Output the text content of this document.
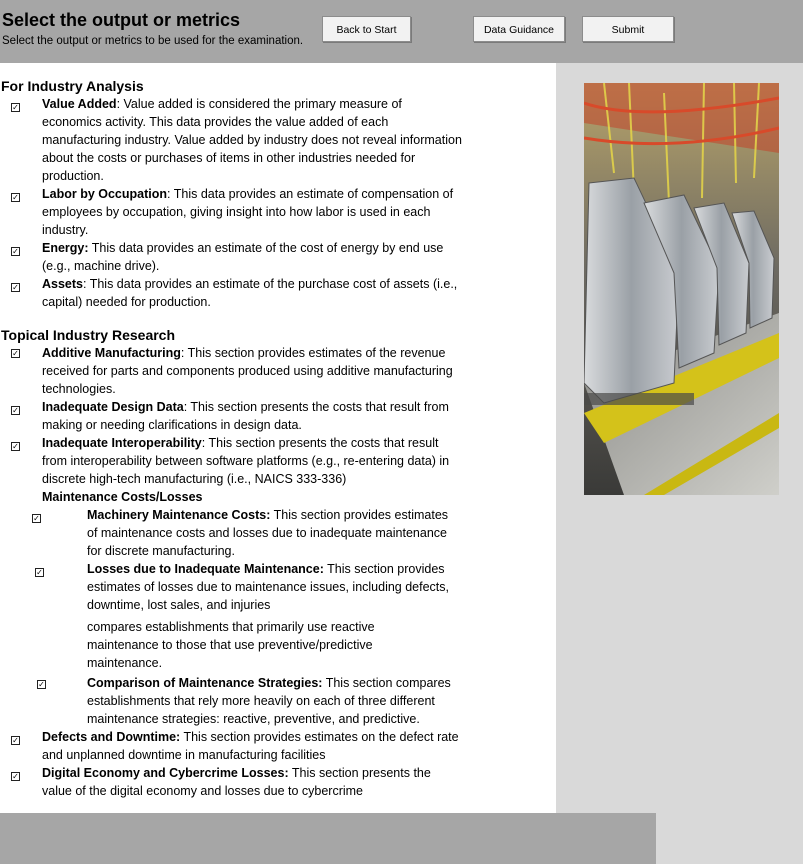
Select the output or metrics
Select the output or metrics to be used for the examination.
Back to Start	Data Guidance	Submit
For Industry Analysis
✓ Value Added: Value added is considered the primary measure of economics activity. This data provides the value added of each manufacturing industry. Value added by industry does not reveal information about the costs or purchases of items in other industries needed for production.
✓ Labor by Occupation: This data provides an estimate of compensation of employees by occupation, giving insight into how labor is used in each industry.
✓ Energy: This data provides an estimate of the cost of energy by end use (e.g., machine drive).
✓ Assets: This data provides an estimate of the purchase cost of assets (i.e., capital) needed for production.
Topical Industry Research
✓ Additive Manufacturing: This section provides estimates of the revenue received for parts and components produced using additive manufacturing technologies.
✓ Inadequate Design Data: This section presents the costs that result from making or needing clarifications in design data.
✓ Inadequate Interoperability: This section presents the costs that result from interoperability between software platforms (e.g., re-entering data) in discrete high-tech manufacturing (i.e., NAICS 333-336)
Maintenance Costs/Losses
✓	Machinery Maintenance Costs: This section provides estimates of maintenance costs and losses due to inadequate maintenance for discrete manufacturing.
✓	Losses due to Inadequate Maintenance: This section provides estimates of losses due to maintenance issues, including defects, downtime, lost sales, and injuries
compares establishments that primarily use reactive maintenance to those that use preventive/predictive maintenance.
✓	Comparison of Maintenance Strategies: This section compares establishments that rely more heavily on each of three different maintenance strategies: reactive, preventive, and predictive.
✓ Defects and Downtime: This section provides estimates on the defect rate and unplanned downtime in manufacturing facilities
✓ Digital Economy and Cybercrime Losses: This section presents the value of the digital economy and losses due to cybercrime
